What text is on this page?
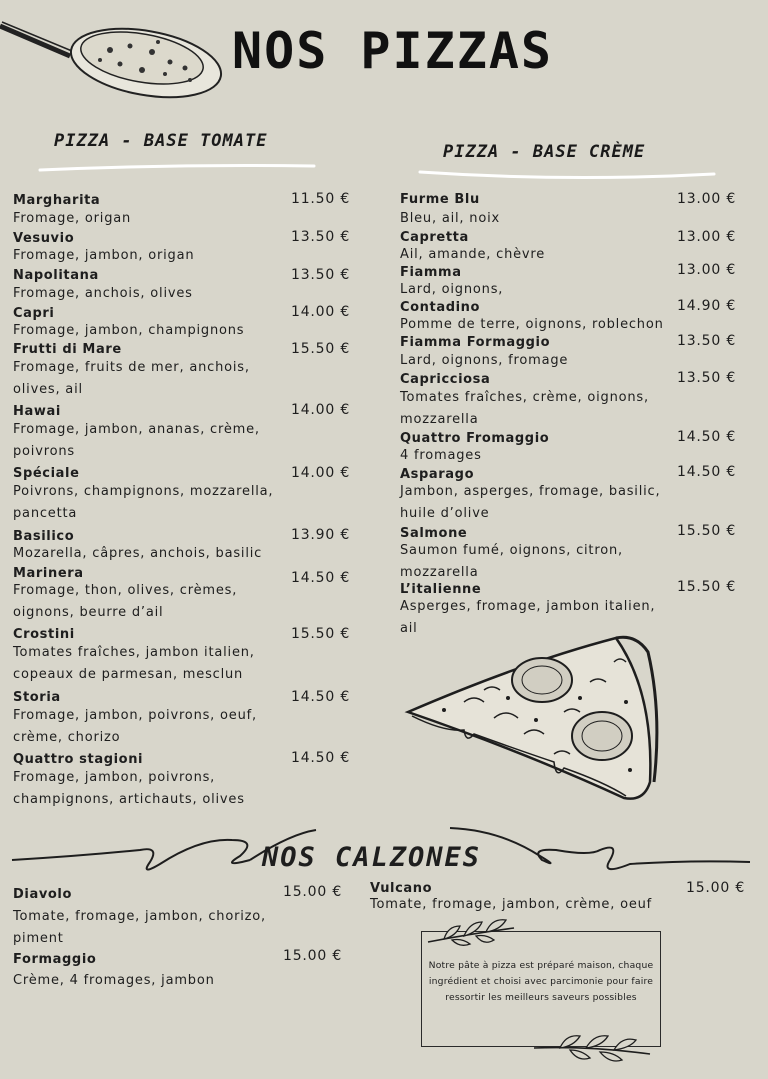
NOS PIZZAS
PIZZA - BASE TOMATE
PIZZA - BASE CRÈME
Margharita	11.50 €
Fromage, origan
Vesuvio	13.50 €
Fromage, jambon, origan
Napolitana	13.50 €
Fromage, anchois, olives
Capri	14.00 €
Fromage, jambon, champignons
Frutti di Mare	15.50 €
Fromage, fruits de mer, anchois, olives, ail
Hawai	14.00 €
Fromage, jambon, ananas, crème, poivrons
Spéciale	14.00 €
Poivrons, champignons, mozzarella, pancetta
Basilico	13.90 €
Mozarella, câpres, anchois, basilic
Marinera	14.50 €
Fromage, thon, olives, crèmes, oignons, beurre d’ail
Crostini	15.50 €
Tomates fraîches, jambon italien, copeaux de parmesan, mesclun
Storia	14.50 €
Fromage, jambon, poivrons, oeuf, crème, chorizo
Quattro stagioni	14.50 €
Fromage, jambon, poivrons, champignons, artichauts, olives
Furme Blu	13.00 €
Bleu, ail, noix
Capretta	13.00 €
Ail, amande, chèvre
Fiamma	13.00 €
Lard, oignons,
Contadino	14.90 €
Pomme de terre, oignons, roblechon
Fiamma Formaggio	13.50 €
Lard, oignons, fromage
Capricciosa	13.50 €
Tomates fraîches, crème, oignons, mozzarella
Quattro Fromaggio	14.50 €
4 fromages
Asparago	14.50 €
Jambon, asperges, fromage, basilic, huile d’olive
Salmone	15.50 €
Saumon fumé, oignons, citron, mozzarella
L’italienne	15.50 €
Asperges, fromage, jambon italien, ail
NOS CALZONES
Diavolo	15.00 €
Tomate, fromage, jambon, chorizo, piment
Formaggio	15.00 €
Crème, 4 fromages, jambon
Vulcano	15.00 €
Tomate, fromage, jambon, crème, oeuf
Notre pâte à pizza est préparé maison, chaque ingrédient et choisi avec parcimonie pour faire ressortir les meilleurs saveurs possibles
